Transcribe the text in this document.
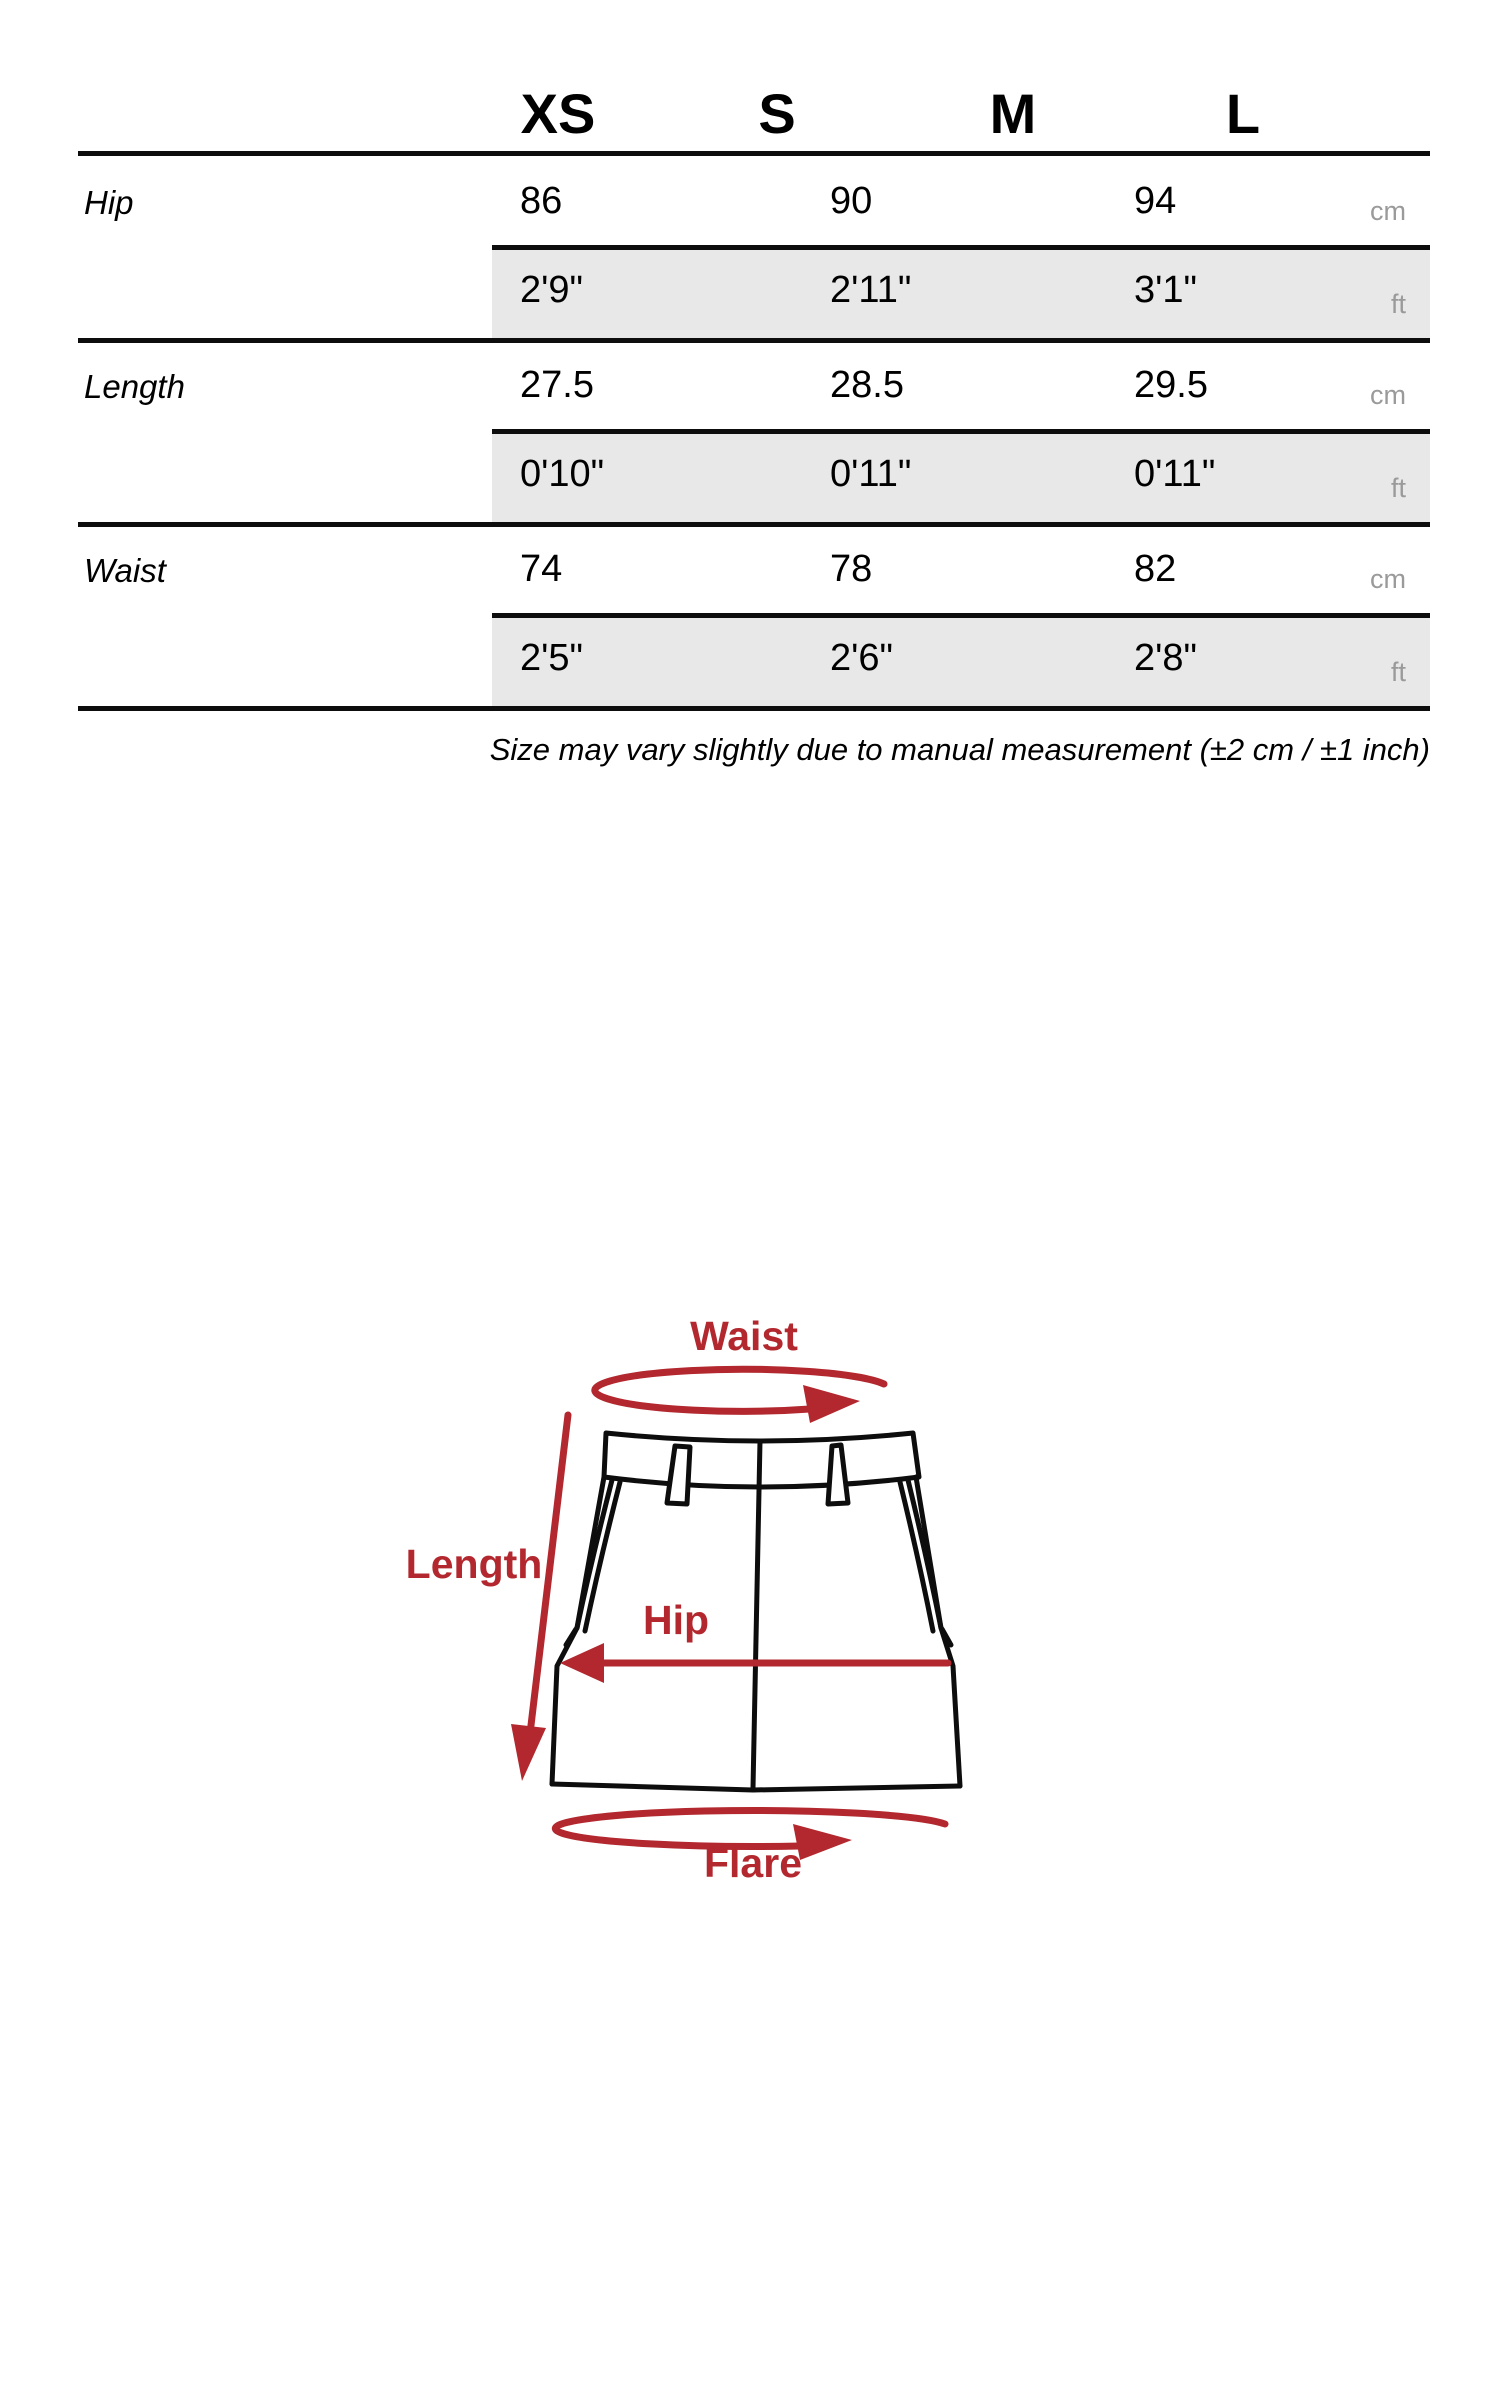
XS	S	M	L
Hip	86	90	94	cm
2'9"	2'11"	3'1"	ft
Length	27.5	28.5	29.5	cm
0'10"	0'11"	0'11"	ft
Waist	74	78	82	cm
2'5"	2'6"	2'8"	ft
Size may vary slightly due to manual measurement (±2 cm / ±1 inch)
Waist
Length
Hip
Flare
